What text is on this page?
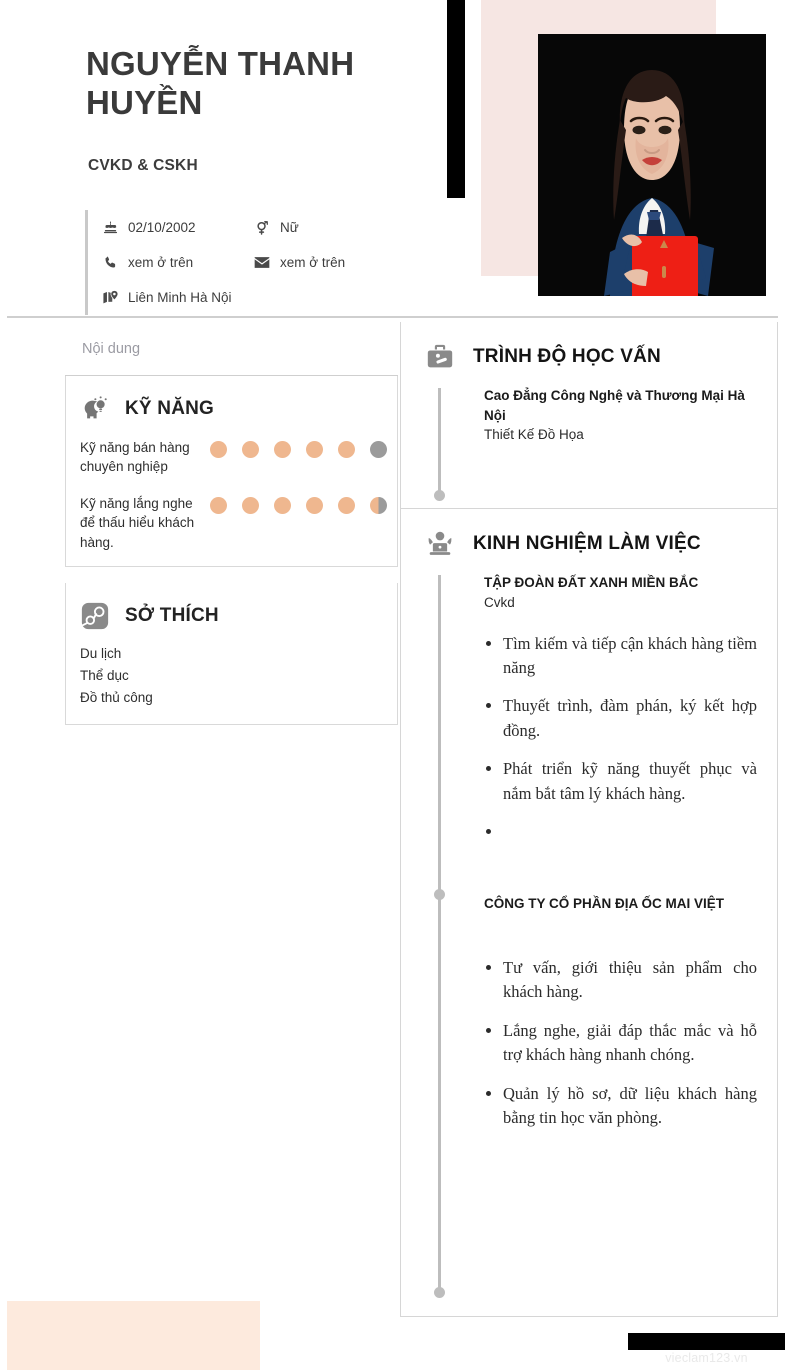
NGUYỄN THANH HUYỀN
CVKD & CSKH
02/10/2002	Nữ
xem ở trên	xem ở trên
Liên Minh Hà Nội
Nội dung
KỸ NĂNG
Kỹ năng bán hàng chuyên nghiệp
Kỹ năng lắng nghe để thấu hiểu khách hàng.
SỞ THÍCH
Du lịch
Thể dục
Đồ thủ công
TRÌNH ĐỘ HỌC VẤN
Cao Đẳng Công Nghệ và Thương Mại Hà Nội
Thiết Kế Đồ Họa
KINH NGHIỆM LÀM VIỆC
TẬP ĐOÀN ĐẤT XANH MIỀN BẮC
Cvkd
• Tìm kiếm và tiếp cận khách hàng tiềm năng
• Thuyết trình, đàm phán, ký kết hợp đồng.
• Phát triển kỹ năng thuyết phục và nắm bắt tâm lý khách hàng.
•
CÔNG TY CỔ PHẦN ĐỊA ỐC MAI VIỆT
• Tư vấn, giới thiệu sản phẩm cho khách hàng.
• Lắng nghe, giải đáp thắc mắc và hỗ trợ khách hàng nhanh chóng.
• Quản lý hồ sơ, dữ liệu khách hàng bằng tin học văn phòng.
vieclam123.vn
